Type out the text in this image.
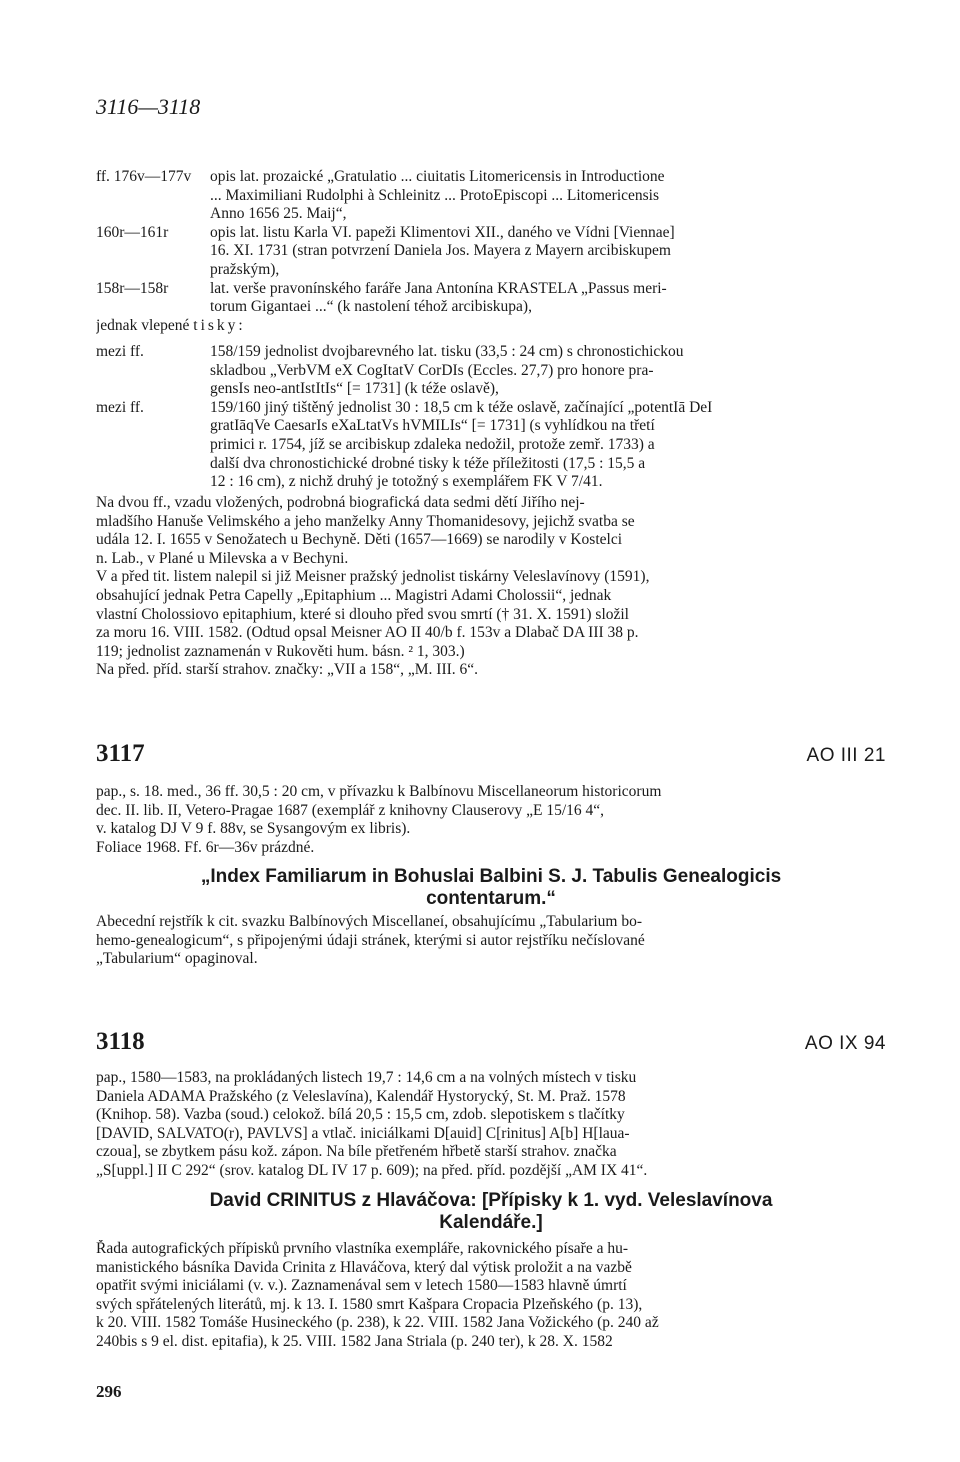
3116—3118
ff. 176v—177v	opis lat. prozaické „Gratulatio ... ciuitatis Litomericensis in Introductione
... Maximiliani Rudolphi à Schleinitz ... ProtoEpiscopi ... Litomericensis
Anno 1656 25. Maij“,
160r—161r	opis lat. listu Karla VI. papeži Klimentovi XII., daného ve Vídni [Viennae]
16. XI. 1731 (stran potvrzení Daniela Jos. Mayera z Mayern arcibiskupem
pražským),
158r—158r	lat. verše pravonínského faráře Jana Antonína KRASTELA „Passus meri-
torum Gigantaei ...“ (k nastolení téhož arcibiskupa),
jednak vlepené tisky:
mezi ff.	158/159 jednolist dvojbarevného lat. tisku (33,5 : 24 cm) s chronostichickou
skladbou „VerbVM eX CogItatV CorDIs (Eccles. 27,7) pro honore pra-
gensIs neo-antIstItIs“ [= 1731] (k téže oslavě),
mezi ff.	159/160 jiný tištěný jednolist 30 : 18,5 cm k téže oslavě, začínající „potentIā DeI
gratIāqVe CaesarIs eXaLtatVs hVMILIs“ [= 1731] (s vyhlídkou na třetí
primici r. 1754, jíž se arcibiskup zdaleka nedožil, protože zemř. 1733) a
další dva chronostichické drobné tisky k téže příležitosti (17,5 : 15,5 a
12 : 16 cm), z nichž druhý je totožný s exemplářem FK V 7/41.
Na dvou ff., vzadu vložených, podrobná biografická data sedmi dětí Jiřího nej-
mladšího Hanuše Velimského a jeho manželky Anny Thomanidesovy, jejichž svatba se
udála 12. I. 1655 v Senožatech u Bechyně. Děti (1657—1669) se narodily v Kostelci
n. Lab., v Plané u Milevska a v Bechyni.
V a před tit. listem nalepil si již Meisner pražský jednolist tiskárny Veleslavínovy (1591),
obsahující jednak Petra Capelly „Epitaphium ... Magistri Adami Cholossii“, jednak
vlastní Cholossiovo epitaphium, které si dlouho před svou smrtí († 31. X. 1591) složil
za moru 16. VIII. 1582. (Odtud opsal Meisner AO II 40/b f. 153v a Dlabač DA III 38 p.
119; jednolist zaznamenán v Rukověti hum. básn. ² 1, 303.)
Na před. příd. starší strahov. značky: „VII a 158“, „M. III. 6“.
3117	AO III 21
pap., s. 18. med., 36 ff. 30,5 : 20 cm, v přívazku k Balbínovu Miscellaneorum historicorum
dec. II. lib. II, Vetero-Pragae 1687 (exemplář z knihovny Clauserovy „E 15/16 4“,
v. katalog DJ V 9 f. 88v, se Sysangovým ex libris).
Foliace 1968. Ff. 6r—36v prázdné.
„Index Familiarum in Bohuslai Balbini S. J. Tabulis Genealogicis
contentarum.“
Abecední rejstřík k cit. svazku Balbínových Miscellaneí, obsahujícímu „Tabularium bo-
hemo-genealogicum“, s připojenými údaji stránek, kterými si autor rejstříku nečíslované
„Tabularium“ opaginoval.
3118	AO IX 94
pap., 1580—1583, na prokládaných listech 19,7 : 14,6 cm a na volných místech v tisku
Daniela ADAMA Pražského (z Veleslavína), Kalendář Hystorycký, St. M. Praž. 1578
(Knihop. 58). Vazba (soud.) celokož. bílá 20,5 : 15,5 cm, zdob. slepotiskem s tlačítky
[DAVID, SALVATO(r), PAVLVS] a vtlač. iniciálkami D[auid] C[rinitus] A[b] H[laua-
czoua], se zbytkem pásu kož. zápon. Na bíle přetřeném hřbetě starší strahov. značka
„S[uppl.] II C 292“ (srov. katalog DL IV 17 p. 609); na před. příd. pozdější „AM IX 41“.
David CRINITUS z Hlaváčova: [Přípisky k 1. vyd. Veleslavínova
Kalendáře.]
Řada autografických přípisků prvního vlastníka exempláře, rakovnického písaře a hu-
manistického básníka Davida Crinita z Hlaváčova, který dal výtisk proložit a na vazbě
opatřit svými iniciálami (v. v.). Zaznamenával sem v letech 1580—1583 hlavně úmrtí
svých spřátelených literátů, mj. k 13. I. 1580 smrt Kašpara Cropacia Plzeňského (p. 13),
k 20. VIII. 1582 Tomáše Husineckého (p. 238), k 22. VIII. 1582 Jana Vožického (p. 240 až
240bis s 9 el. dist. epitafia), k 25. VIII. 1582 Jana Striala (p. 240 ter), k 28. X. 1582
296
